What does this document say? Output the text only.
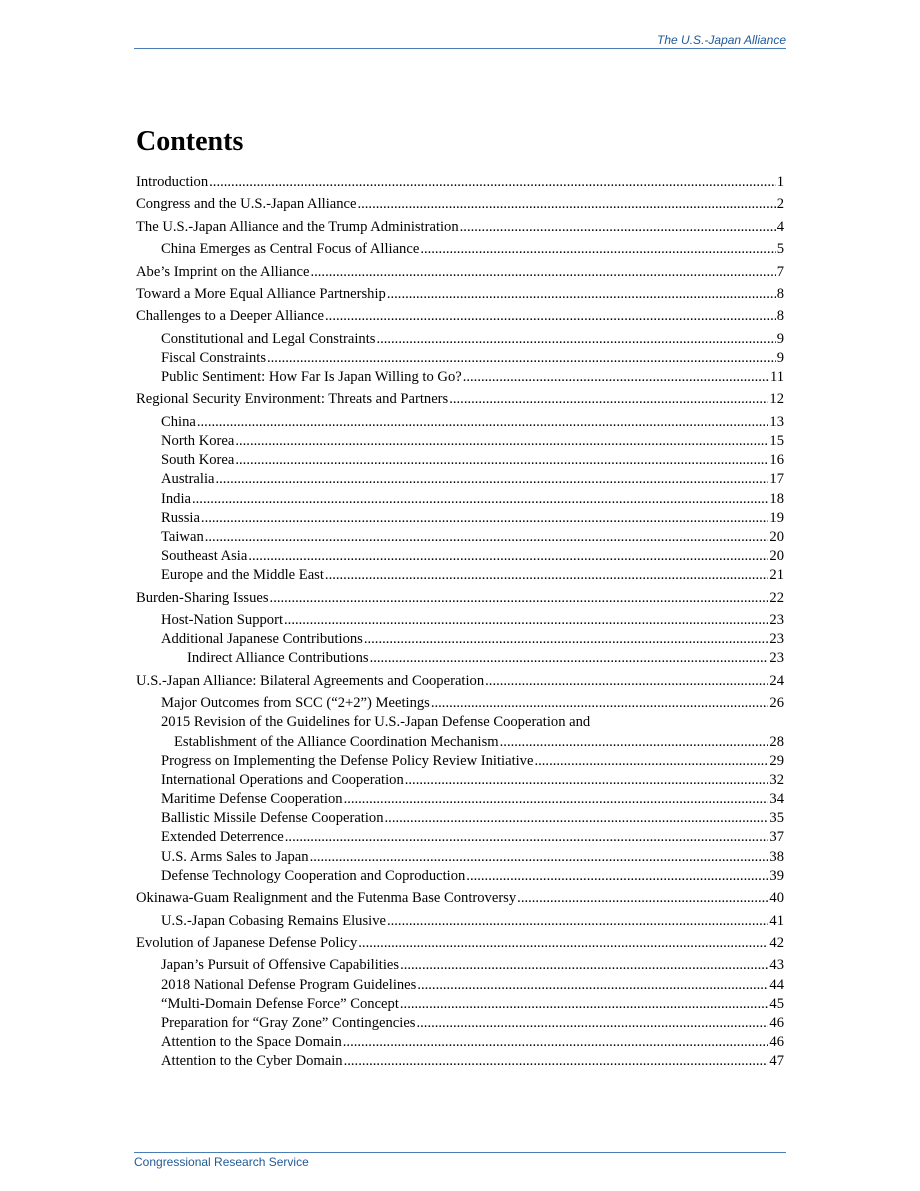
The U.S.-Japan Alliance
Contents
Introduction .....	1
Congress and the U.S.-Japan Alliance .....	2
The U.S.-Japan Alliance and the Trump Administration .....	4
China Emerges as Central Focus of Alliance .....	5
Abe’s Imprint on the Alliance .....	7
Toward a More Equal Alliance Partnership .....	8
Challenges to a Deeper Alliance .....	8
Constitutional and Legal Constraints .....	9
Fiscal Constraints .....	9
Public Sentiment: How Far Is Japan Willing to Go? .....	11
Regional Security Environment: Threats and Partners .....	12
China .....	13
North Korea .....	15
South Korea .....	16
Australia .....	17
India .....	18
Russia .....	19
Taiwan .....	20
Southeast Asia .....	20
Europe and the Middle East .....	21
Burden-Sharing Issues .....	22
Host-Nation Support .....	23
Additional Japanese Contributions .....	23
Indirect Alliance Contributions .....	23
U.S.-Japan Alliance: Bilateral Agreements and Cooperation .....	24
Major Outcomes from SCC (“2+2”) Meetings .....	26
2015 Revision of the Guidelines for U.S.-Japan Defense Cooperation and
Establishment of the Alliance Coordination Mechanism .....	28
Progress on Implementing the Defense Policy Review Initiative .....	29
International Operations and Cooperation .....	32
Maritime Defense Cooperation .....	34
Ballistic Missile Defense Cooperation .....	35
Extended Deterrence .....	37
U.S. Arms Sales to Japan .....	38
Defense Technology Cooperation and Coproduction .....	39
Okinawa-Guam Realignment and the Futenma Base Controversy .....	40
U.S.-Japan Cobasing Remains Elusive .....	41
Evolution of Japanese Defense Policy .....	42
Japan’s Pursuit of Offensive Capabilities .....	43
2018 National Defense Program Guidelines .....	44
“Multi-Domain Defense Force” Concept .....	45
Preparation for “Gray Zone” Contingencies .....	46
Attention to the Space Domain .....	46
Attention to the Cyber Domain .....	47
Congressional Research Service
